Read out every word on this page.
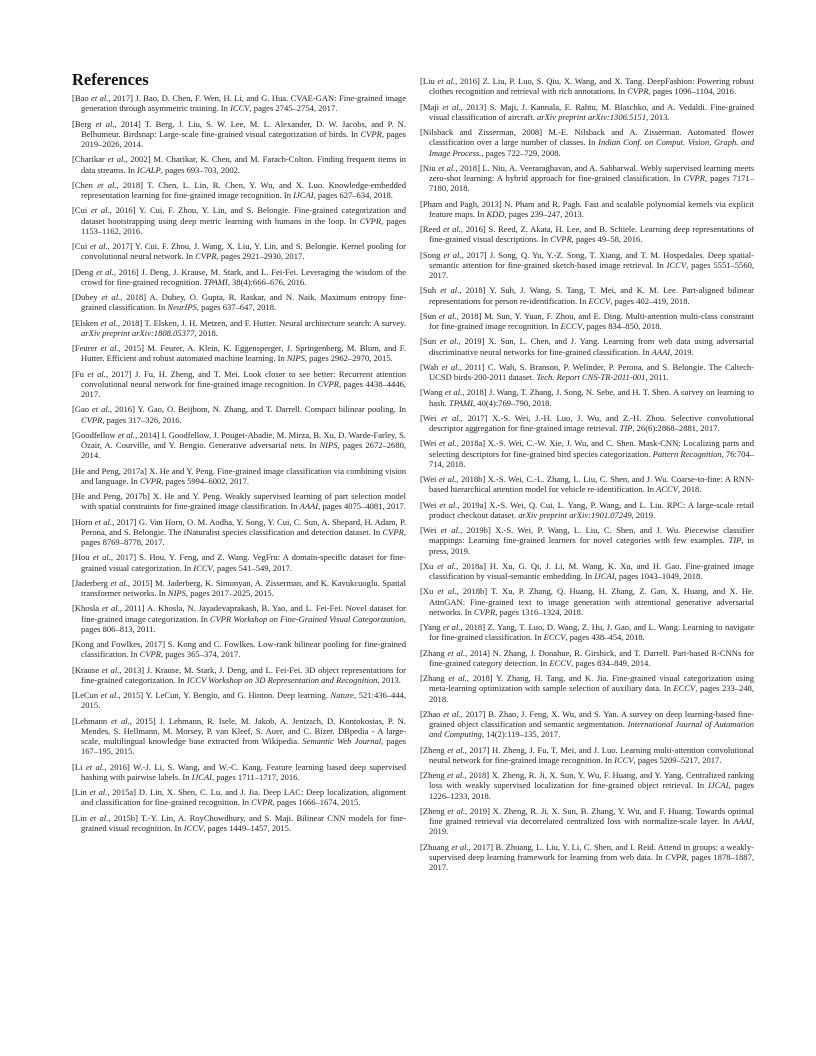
References

[Bao et al., 2017] J. Bao, D. Chen, F. Wen, H. Li, and G. Hua. CVAE-GAN: Fine-grained image generation through asymmetric training. In ICCV, pages 2745–2754, 2017.

[Berg et al., 2014] T. Berg, J. Liu, S. W. Lee, M. L. Alexander, D. W. Jacobs, and P. N. Belhumeur. Birdsnap: Large-scale fine-grained visual categorization of birds. In CVPR, pages 2019–2026, 2014.

[Charikar et al., 2002] M. Charikar, K. Chen, and M. Farach-Colton. Finding frequent items in data streams. In ICALP, pages 693–703, 2002.

[Chen et al., 2018] T. Chen, L. Lin, R. Chen, Y. Wu, and X. Luo. Knowledge-embedded representation learning for fine-grained image recognition. In IJCAI, pages 627–634, 2018.

[Cui et al., 2016] Y. Cui, F. Zhou, Y. Lin, and S. Belongie. Fine-grained categorization and dataset bootstrapping using deep metric learning with humans in the loop. In CVPR, pages 1153–1162, 2016.

[Cui et al., 2017] Y. Cui, F. Zhou, J. Wang, X. Liu, Y. Lin, and S. Belongie. Kernel pooling for convolutional neural network. In CVPR, pages 2921–2930, 2017.

[Deng et al., 2016] J. Deng, J. Krause, M. Stark, and L. Fei-Fei. Leveraging the wisdom of the crowd for fine-grained recognition. TPAMI, 38(4):666–676, 2016.

[Dubey et al., 2018] A. Dubey, O. Gupta, R. Raskar, and N. Naik. Maximum entropy fine-grained classification. In NeurIPS, pages 637–647, 2018.

[Elsken et al., 2018] T. Elsken, J. H. Metzen, and F. Hutter. Neural architecture search: A survey. arXiv preprint arXiv:1808.05377, 2018.

[Feurer et al., 2015] M. Feurer, A. Klein, K. Eggensperger, J. Springenberg, M. Blum, and F. Hutter. Efficient and robust automated machine learning. In NIPS, pages 2962–2970, 2015.

[Fu et al., 2017] J. Fu, H. Zheng, and T. Mei. Look closer to see better: Recurrent attention convolutional neural network for fine-grained image recognition. In CVPR, pages 4438–4446, 2017.

[Gao et al., 2016] Y. Gao, O. Beijbom, N. Zhang, and T. Darrell. Compact bilinear pooling. In CVPR, pages 317–326, 2016.

[Goodfellow et al., 2014] I. Goodfellow, J. Pouget-Abadie, M. Mirza, B. Xu, D. Warde-Farley, S. Ozair, A. Courville, and Y. Bengio. Generative adversarial nets. In NIPS, pages 2672–2680, 2014.

[He and Peng, 2017a] X. He and Y. Peng. Fine-grained image classification via combining vision and language. In CVPR, pages 5994–6002, 2017.

[He and Peng, 2017b] X. He and Y. Peng. Weakly supervised learning of part selection model with spatial constraints for fine-grained image classification. In AAAI, pages 4075–4081, 2017.

[Horn et al., 2017] G. Van Horn, O. M. Aodha, Y. Song, Y. Cui, C. Sun, A. Shepard, H. Adam, P. Perona, and S. Belongie. The iNaturalist species classification and detection dataset. In CVPR, pages 8769–8778, 2017.

[Hou et al., 2017] S. Hou, Y. Feng, and Z. Wang. VegFru: A domain-specific dataset for fine-grained visual categorization. In ICCV, pages 541–549, 2017.

[Jaderberg et al., 2015] M. Jaderberg, K. Simonyan, A. Zisserman, and K. Kavukcuoglu. Spatial transformer networks. In NIPS, pages 2017–2025, 2015.

[Khosla et al., 2011] A. Khosla, N. Jayadevaprakash, B. Yao, and L. Fei-Fei. Novel dataset for fine-grained image categorization. In CVPR Workshop on Fine-Grained Visual Categorization, pages 806–813, 2011.

[Kong and Fowlkes, 2017] S. Kong and C. Fowlkes. Low-rank bilinear pooling for fine-grained classification. In CVPR, pages 365–374, 2017.

[Krause et al., 2013] J. Krause, M. Stark, J. Deng, and L. Fei-Fei. 3D object representations for fine-grained categorization. In ICCV Workshop on 3D Representation and Recognition, 2013.

[LeCun et al., 2015] Y. LeCun, Y. Bengio, and G. Hinton. Deep learning. Nature, 521:436–444, 2015.

[Lehmann et al., 2015] J. Lehmann, R. Isele, M. Jakob, A. Jentzsch, D. Kontokostas, P. N. Mendes, S. Hellmann, M. Morsey, P. van Kleef, S. Auer, and C. Bizer. DBpedia - A large-scale, multilingual knowledge base extracted from Wikipedia. Semantic Web Journal, pages 167–195, 2015.

[Li et al., 2016] W.-J. Li, S. Wang, and W.-C. Kang. Feature learning based deep supervised hashing with pairwise labels. In IJCAI, pages 1711–1717, 2016.

[Lin et al., 2015a] D. Lin, X. Shen, C. Lu, and J. Jia. Deep LAC: Deep localization, alignment and classification for fine-grained recognition. In CVPR, pages 1666–1674, 2015.

[Lin et al., 2015b] T.-Y. Lin, A. RoyChowdhury, and S. Maji. Bilinear CNN models for fine-grained visual recognition. In ICCV, pages 1449–1457, 2015.

[Liu et al., 2016] Z. Liu, P. Luo, S. Qiu, X. Wang, and X. Tang. DeepFashion: Powering robust clothes recognition and retrieval with rich annotations. In CVPR, pages 1096–1104, 2016.

[Maji et al., 2013] S. Maji, J. Kannala, E. Rahtu, M. Blaschko, and A. Vedaldi. Fine-grained visual classification of aircraft. arXiv preprint arXiv:1306.5151, 2013.

[Nilsback and Zisserman, 2008] M.-E. Nilsback and A. Zisserman. Automated flower classification over a large number of classes. In Indian Conf. on Comput. Vision, Graph. and Image Process., pages 722–729, 2008.

[Niu et al., 2018] L. Niu, A. Veeraraghavan, and A. Sabharwal. Webly supervised learning meets zero-shot learning: A hybrid approach for fine-grained classification. In CVPR, pages 7171–7180, 2018.

[Pham and Pagh, 2013] N. Pham and R. Pagh. Fast and scalable polynomial kernels via explicit feature maps. In KDD, pages 239–247, 2013.

[Reed et al., 2016] S. Reed, Z. Akata, H. Lee, and B. Schiele. Learning deep representations of fine-grained visual descriptions. In CVPR, pages 49–58, 2016.

[Song et al., 2017] J. Song, Q. Yu, Y.-Z. Song, T. Xiang, and T. M. Hospedales. Deep spatial-semantic attention for fine-grained sketch-based image retrieval. In ICCV, pages 5551–5560, 2017.

[Suh et al., 2018] Y. Suh, J. Wang, S. Tang, T. Mei, and K. M. Lee. Part-aligned bilinear representations for person re-identification. In ECCV, pages 402–419, 2018.

[Sun et al., 2018] M. Sun, Y. Yuan, F. Zhou, and E. Ding. Multi-attention multi-class constraint for fine-grained image recognition. In ECCV, pages 834–850, 2018.

[Sun et al., 2019] X. Sun, L. Chen, and J. Yang. Learning from web data using adversarial discriminative neural networks for fine-grained classification. In AAAI, 2019.

[Wah et al., 2011] C. Wah, S. Branson, P. Welinder, P. Perona, and S. Belongie. The Caltech-UCSD birds-200-2011 dataset. Tech. Report CNS-TR-2011-001, 2011.

[Wang et al., 2018] J. Wang, T. Zhang, J. Song, N. Sebe, and H. T. Shen. A survey on learning to hash. TPAMI, 40(4):769–790, 2018.

[Wei et al., 2017] X.-S. Wei, J.-H. Luo, J. Wu, and Z.-H. Zhou. Selective convolutional descriptor aggregation for fine-grained image retrieval. TIP, 26(6):2868–2881, 2017.

[Wei et al., 2018a] X.-S. Wei, C.-W. Xie, J. Wu, and C. Shen. Mask-CNN: Localizing parts and selecting descriptors for fine-grained bird species categorization. Pattern Recognition, 76:704–714, 2018.

[Wei et al., 2018b] X.-S. Wei, C.-L. Zhang, L. Liu, C. Shen, and J. Wu. Coarse-to-fine: A RNN-based hierarchical attention model for vehicle re-identification. In ACCV, 2018.

[Wei et al., 2019a] X.-S. Wei, Q. Cui, L. Yang, P. Wang, and L. Liu. RPC: A large-scale retail product checkout dataset. arXiv preprint arXiv:1901.07249, 2019.

[Wei et al., 2019b] X.-S. Wei, P. Wang, L. Liu, C. Shen, and J. Wu. Piecewise classifier mappings: Learning fine-grained learners for novel categories with few examples. TIP, in press, 2019.

[Xu et al., 2018a] H. Xu, G. Qi, J. Li, M. Wang, K. Xu, and H. Gao. Fine-grained image classification by visual-semantic embedding. In IJCAI, pages 1043–1049, 2018.

[Xu et al., 2018b] T. Xu, P. Zhang, Q. Huang, H. Zhang, Z. Gan, X. Huang, and X. He. AttnGAN: Fine-grained text to image generation with attentional generative adversarial networks. In CVPR, pages 1316–1324, 2018.

[Yang et al., 2018] Z. Yang, T. Luo, D. Wang, Z. Hu, J. Gao, and L. Wang. Learning to navigate for fine-grained classification. In ECCV, pages 438–454, 2018.

[Zhang et al., 2014] N. Zhang, J. Donahue, R. Girshick, and T. Darrell. Part-based R-CNNs for fine-grained category detection. In ECCV, pages 834–849, 2014.

[Zhang et al., 2018] Y. Zhang, H. Tang, and K. Jia. Fine-grained visual categorization using meta-learning optimization with sample selection of auxiliary data. In ECCV, pages 233–248, 2018.

[Zhao et al., 2017] B. Zhao, J. Feng, X. Wu, and S. Yan. A survey on deep learning-based fine-grained object classification and semantic segmentation. International Journal of Automation and Computing, 14(2):119–135, 2017.

[Zheng et al., 2017] H. Zheng, J. Fu, T. Mei, and J. Luo. Learning multi-attention convolutional neural network for fine-grained image recognition. In ICCV, pages 5209–5217, 2017.

[Zheng et al., 2018] X. Zheng, R. Ji, X. Sun, Y. Wu, F. Huang, and Y. Yang. Centralized ranking loss with weakly supervised localization for fine-grained object retrieval. In IJCAI, pages 1226–1233, 2018.

[Zheng et al., 2019] X. Zheng, R. Ji, X. Sun, B. Zhang, Y. Wu, and F. Huang. Towards optimal fine grained retrieval via decorrelated centralized loss with normalize-scale layer. In AAAI, 2019.

[Zhuang et al., 2017] B. Zhuang, L. Liu, Y. Li, C. Shen, and I. Reid. Attend in groups: a weakly-supervised deep learning framework for learning from web data. In CVPR, pages 1878–1887, 2017.
